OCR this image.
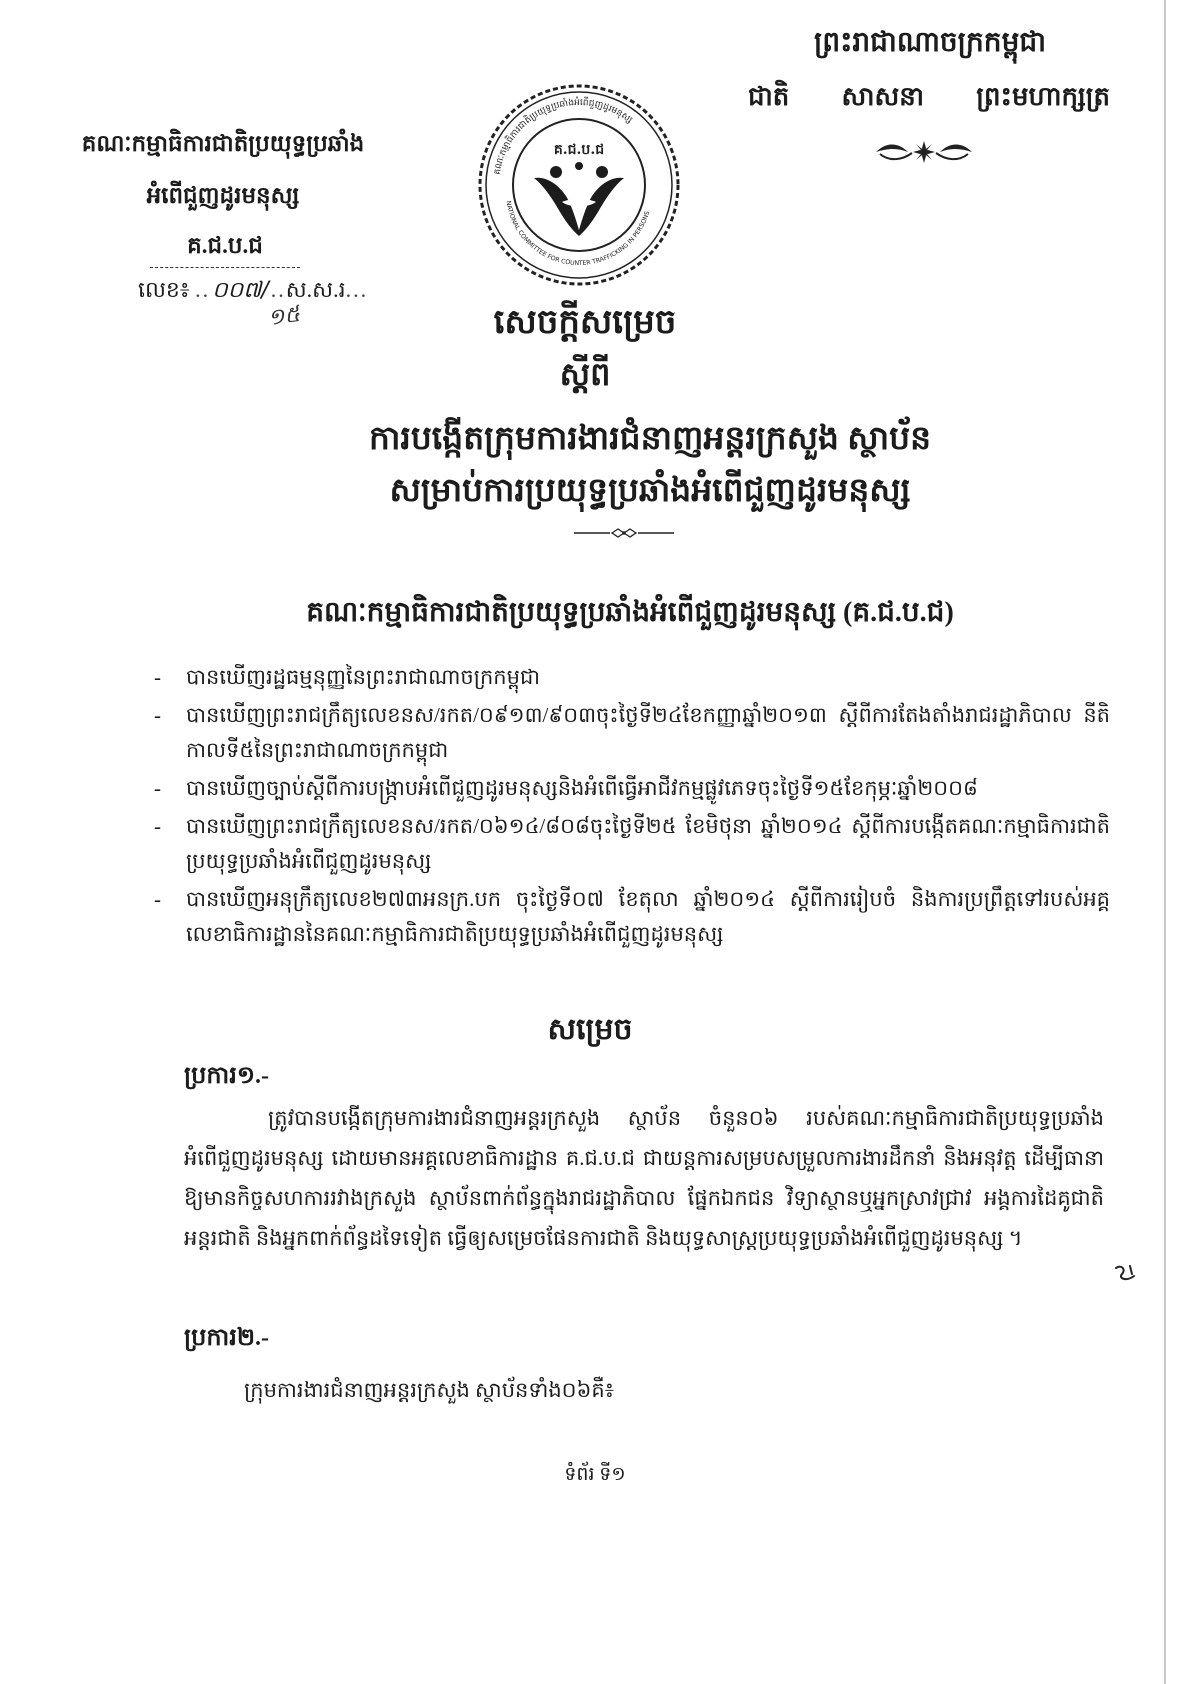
ព្រះរាជាណាចក្រកម្ពុជា
ជាតិ សាសនា ព្រះមហាក្សត្រ
គណៈកម្មាធិការជាតិប្រយុទ្ធប្រឆាំង
អំពើជួញដូរមនុស្ស
គ.ជ.ប.ជ
លេខ៖ ..០០៧/..ស.ស.រ...
១៥
គណៈកម្មាធិការជាតិប្រយុទ្ធប្រឆាំងអំពើជួញដូរមនុស្ស
NATIONAL COMMITTEE FOR COUNTER TRAFFICKING IN PERSONS
គ.ជ.ប.ជ
សេចក្តីសម្រេច
ស្តីពី
ការបង្កើតក្រុមការងារជំនាញអន្តរក្រសួង ស្ថាប័ន
សម្រាប់ការប្រយុទ្ធប្រឆាំងអំពើជួញដូរមនុស្ស
គណៈកម្មាធិការជាតិប្រយុទ្ធប្រឆាំងអំពើជួញដូរមនុស្ស (គ.ជ.ប.ជ)
- បានឃើញរដ្ឋធម្មនុញ្ញនៃព្រះរាជាណាចក្រកម្ពុជា
- បានឃើញព្រះរាជក្រឹត្យលេខនស/រកត/០៩១៣/៩០៣ចុះថ្ងៃទី២៤ខែកញ្ញាឆ្នាំ២០១៣ ស្តីពីការតែងតាំងរាជរដ្ឋាភិបាល នីតិកាលទី៥នៃព្រះរាជាណាចក្រកម្ពុជា
- បានឃើញច្បាប់ស្តីពីការបង្ក្រាបអំពើជួញដូរមនុស្សនិងអំពើធ្វើអាជីវកម្មផ្លូវភេទចុះថ្ងៃទី១៥ខែកុម្ភៈឆ្នាំ២០០៨
- បានឃើញព្រះរាជក្រឹត្យលេខនស/រកត/០៦១៤/៨០៨ចុះថ្ងៃទី២៥ ខែមិថុនា ឆ្នាំ២០១៤ ស្តីពីការបង្កើតគណៈកម្មាធិការជាតិប្រយុទ្ធប្រឆាំងអំពើជួញដូរមនុស្ស
- បានឃើញអនុក្រឹត្យលេខ២៧៣អនក្រ.បក ចុះថ្ងៃទី០៧ ខែតុលា ឆ្នាំ២០១៤ ស្តីពីការរៀបចំ និងការប្រព្រឹត្តទៅរបស់អគ្គលេខាធិការដ្ឋាននៃគណៈកម្មាធិការជាតិប្រយុទ្ធប្រឆាំងអំពើជួញដូរមនុស្ស
សម្រេច
ប្រការ១.-
ត្រូវបានបង្កើតក្រុមការងារជំនាញអន្តរក្រសួង ស្ថាប័ន ចំនួន០៦ របស់គណៈកម្មាធិការជាតិប្រយុទ្ធប្រឆាំងអំពើជួញដូរមនុស្ស ដោយមានអគ្គលេខាធិការដ្ឋាន គ.ជ.ប.ជ ជាយន្តការសម្របសម្រួលការងារដឹកនាំ និងអនុវត្ត ដើម្បីធានាឱ្យមានកិច្ចសហការរវាងក្រសួង ស្ថាប័នពាក់ព័ន្ធក្នុងរាជរដ្ឋាភិបាល ផ្នែកឯកជន វិទ្យាស្ថានឬអ្នកស្រាវជ្រាវ អង្គការដៃគូជាតិ អន្តរជាតិ និងអ្នកពាក់ព័ន្ធដទៃទៀត ធ្វើឲ្យសម្រេចផែនការជាតិ និងយុទ្ធសាស្ត្រប្រយុទ្ធប្រឆាំងអំពើជួញដូរមនុស្ស ។
ប្រការ២.-
ក្រុមការងារជំនាញអន្តរក្រសួង ស្ថាប័នទាំង០៦គឺ៖
ទំព័រ ទី១
